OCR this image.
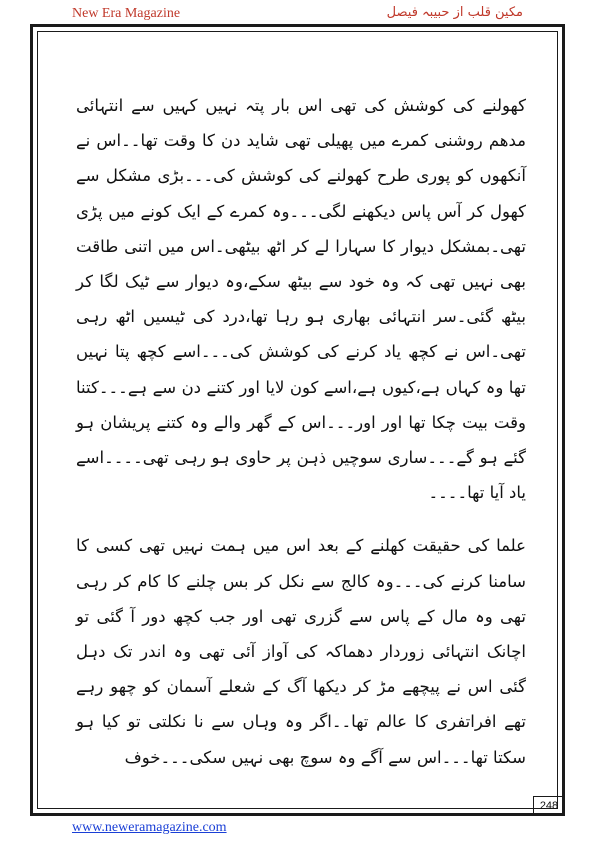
New Era Magazine	مکین قلب از حبیبہ فیصل

کھولنے کی کوشش کی تھی اس بار پتہ نہیں کہیں سے انتہائی مدھم روشنی کمرے میں پھیلی تھی شاید دن کا وقت تھا۔۔اس نے آنکھوں کو پوری طرح کھولنے کی کوشش کی۔۔۔بڑی مشکل سے کھول کر آس پاس دیکھنے لگی۔۔۔وہ کمرے کے ایک کونے میں پڑی تھی۔بمشکل دیوار کا سہارا لے کر اٹھ بیٹھی۔اس میں اتنی طاقت بھی نہیں تھی کہ وہ خود سے بیٹھ سکے،وہ دیوار سے ٹیک لگا کر بیٹھ گئی۔سر انتہائی بھاری ہو رہا تھا،درد کی ٹیسیں اٹھ رہی تھی۔اس نے کچھ یاد کرنے کی کوشش کی۔۔۔اسے کچھ پتا نہیں تھا وہ کہاں ہے،کیوں ہے،اسے کون لایا اور کتنے دن سے ہے۔۔۔کتنا وقت بیت چکا تھا اور اور۔۔۔اس کے گھر والے وہ کتنے پریشان ہو گئے ہو گے۔۔۔ساری سوچیں ذہن پر حاوی ہو رہی تھی۔۔۔۔اسے یاد آیا تھا۔۔۔۔

علما کی حقیقت کھلنے کے بعد اس میں ہمت نہیں تھی کسی کا سامنا کرنے کی۔۔۔وہ کالج سے نکل کر بس چلنے کا کام کر رہی تھی وہ مال کے پاس سے گزری تھی اور جب کچھ دور آ گئی تو اچانک انتہائی زوردار دھماکہ کی آواز آئی تھی وہ اندر تک دہل گئی اس نے پیچھے مڑ کر دیکھا آگ کے شعلے آسمان کو چھو رہے تھے افراتفری کا عالم تھا۔۔اگر وہ وہاں سے نا نکلتی تو کیا ہو سکتا تھا۔۔۔اس سے آگے وہ سوچ بھی نہیں سکی۔۔۔خوف

248
www.neweramagazine.com
